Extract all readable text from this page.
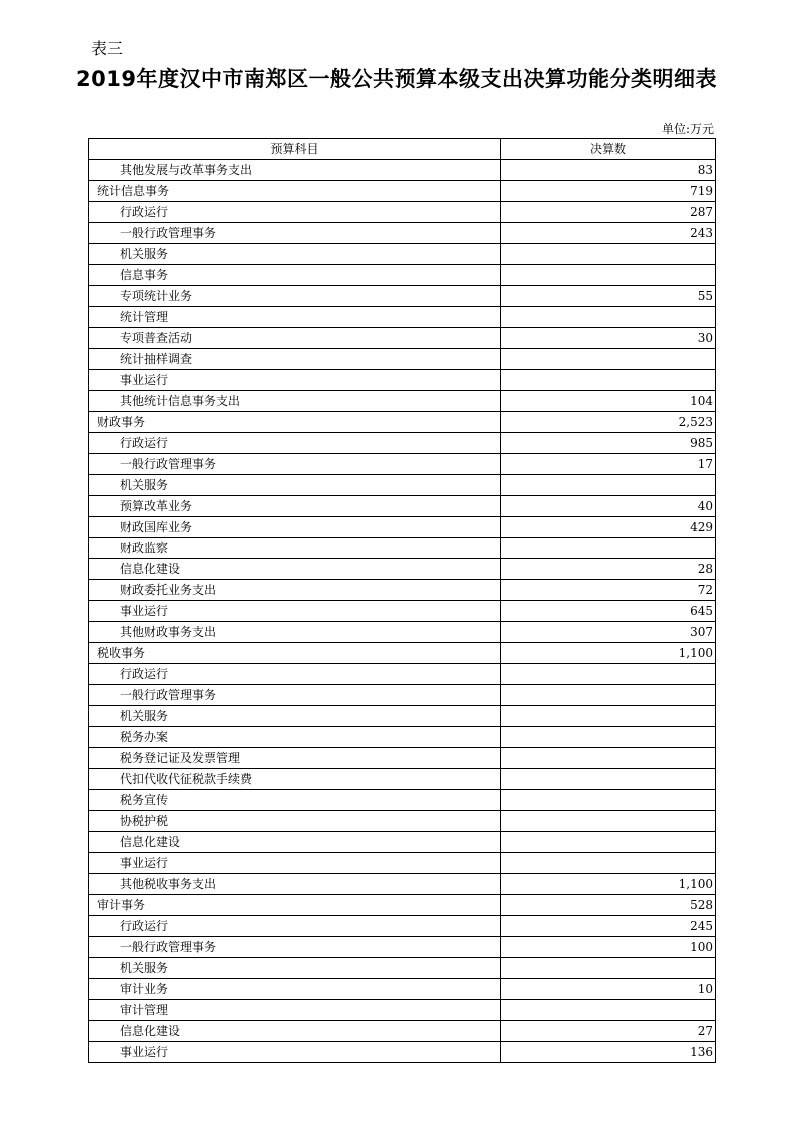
表三
2019年度汉中市南郑区一般公共预算本级支出决算功能分类明细表
单位:万元
预算科目	决算数
其他发展与改革事务支出	83
统计信息事务	719
行政运行	287
一般行政管理事务	243
机关服务	
信息事务	
专项统计业务	55
统计管理	
专项普查活动	30
统计抽样调查	
事业运行	
其他统计信息事务支出	104
财政事务	2,523
行政运行	985
一般行政管理事务	17
机关服务	
预算改革业务	40
财政国库业务	429
财政监察	
信息化建设	28
财政委托业务支出	72
事业运行	645
其他财政事务支出	307
税收事务	1,100
行政运行	
一般行政管理事务	
机关服务	
税务办案	
税务登记证及发票管理	
代扣代收代征税款手续费	
税务宣传	
协税护税	
信息化建设	
事业运行	
其他税收事务支出	1,100
审计事务	528
行政运行	245
一般行政管理事务	100
机关服务	
审计业务	10
审计管理	
信息化建设	27
事业运行	136
